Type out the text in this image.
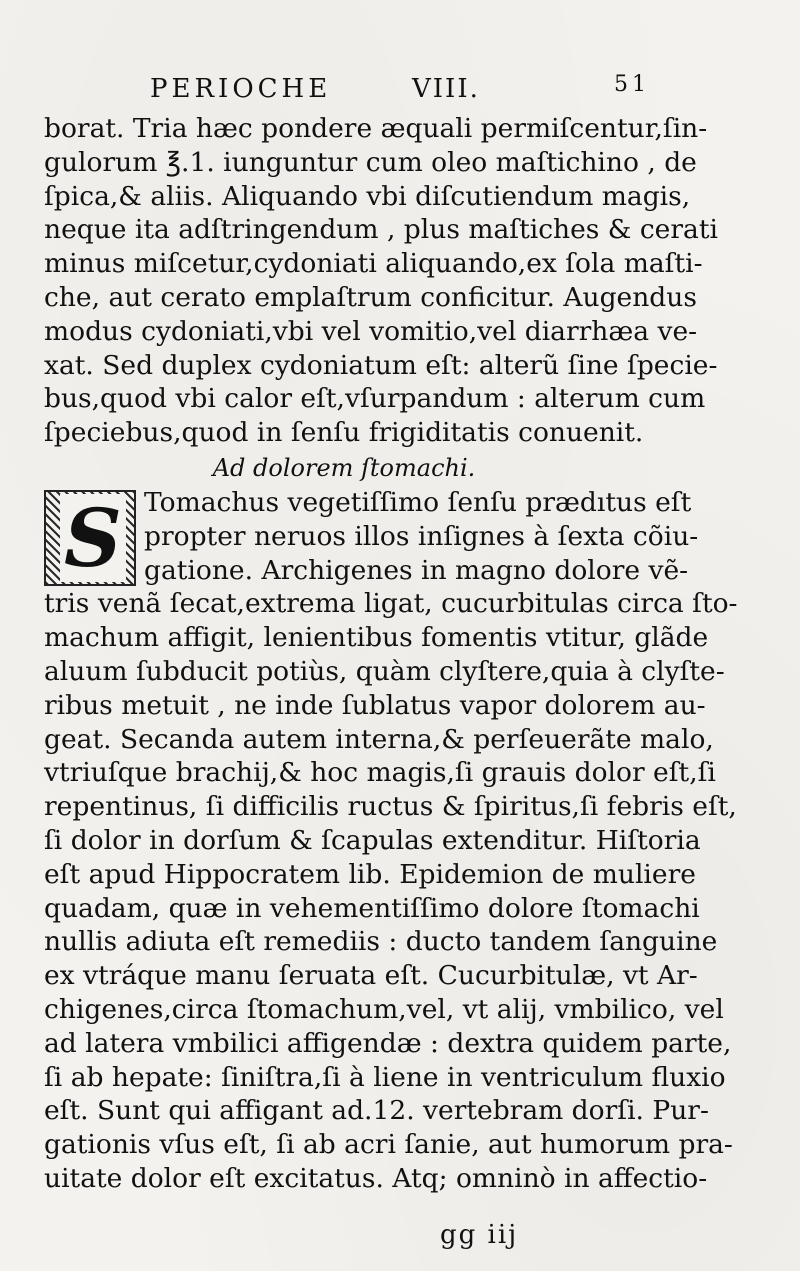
PERIOCHE	VIII.	51
borat. Tria hæc pondere æquali permiſcentur,ſin-
gulorum ℥.1. iunguntur cum oleo maſtichino , de
ſpica,& aliis. Aliquando vbi diſcutiendum magis,
neque ita adſtringendum , plus maſtiches & cerati
minus miſcetur,cydoniati aliquando,ex ſola maſti-
che, aut cerato emplaſtrum conficitur. Augendus
modus cydoniati,vbi vel vomitio,vel diarrhæa ve-
xat. Sed duplex cydoniatum eſt: alterũ ſine ſpecie-
bus,quod vbi calor eſt,vſurpandum : alterum cum
ſpeciebus,quod in ſenſu frigiditatis conuenit.
Ad dolorem ſtomachi.
S Tomachus vegetiſſimo ſenſu prædıtus eſt
propter neruos illos inſignes à ſexta cõiu-
gatione. Archigenes in magno dolore vẽ-
tris venã ſecat,extrema ligat, cucurbitulas circa ſto-
machum affigit, lenientibus fomentis vtitur, glãde
aluum ſubducit potiùs, quàm clyſtere,quia à clyſte-
ribus metuit , ne inde ſublatus vapor dolorem au-
geat. Secanda autem interna,& perſeuerãte malo,
vtriuſque brachij,& hoc magis,ſi grauis dolor eſt,ſi
repentinus, ſi difficilis ructus & ſpiritus,ſi febris eſt,
ſi dolor in dorſum & ſcapulas extenditur. Hiſtoria
eſt apud Hippocratem lib. Epidemion de muliere
quadam, quæ in vehementiſſimo dolore ſtomachi
nullis adiuta eſt remediis : ducto tandem ſanguine
ex vtráque manu ſeruata eſt. Cucurbitulæ, vt Ar-
chigenes,circa ſtomachum,vel, vt alij, vmbilico, vel
ad latera vmbilici affigendæ : dextra quidem parte,
ſi ab hepate: ſiniſtra,ſi à liene in ventriculum fluxio
eſt. Sunt qui affigant ad.12. vertebram dorſi. Pur-
gationis vſus eſt, ſi ab acri ſanie, aut humorum pra-
uitate dolor eſt excitatus. Atq; omninò in affectio-
gg iij
